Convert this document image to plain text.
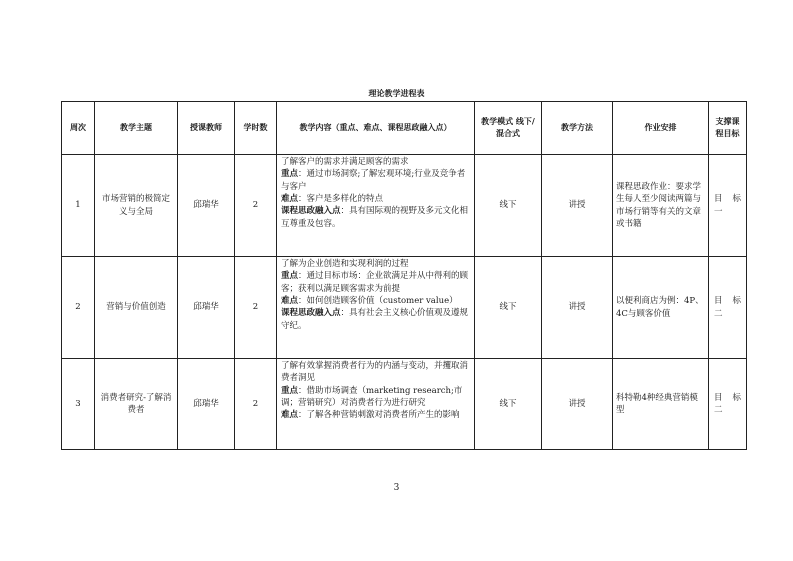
理论教学进程表
周次	教学主题	授课教师	学时数	教学内容（重点、难点、课程思政融入点）	教学模式 线下/混合式	教学方法	作业安排	支撑课程目标
1	市场营销的极简定义与全局	邱瑞华	2	了解客户的需求并满足顾客的需求
重点：通过市场洞察;了解宏观环境;行业及竞争者与客户
难点：客户是多样化的特点
课程思政融入点：具有国际观的视野及多元文化相互尊重及包容。	线下	讲授	课程思政作业：要求学生每人至少阅读两篇与市场行销等有关的文章或书籍	目 标 一
2	营销与价值创造	邱瑞华	2	了解为企业创造和实现利润的过程
重点：通过目标市场：企业欲满足并从中得利的顾客；获利以满足顾客需求为前提
难点：如何创造顾客价值（customer value）
课程思政融入点：具有社会主义核心价值观及遵规守纪。	线下	讲授	以便利商店为例：4P、4C与顾客价值	目 标 二
3	消费者研究-了解消费者	邱瑞华	2	了解有效掌握消费者行为的内涵与变动，并攫取消费者洞见
重点：借助市场调查（marketing research;市调；营销研究）对消费者行为进行研究
难点：了解各种营销刺激对消费者所产生的影响	线下	讲授	科特勒4种经典营销模型	目 标 二
3
